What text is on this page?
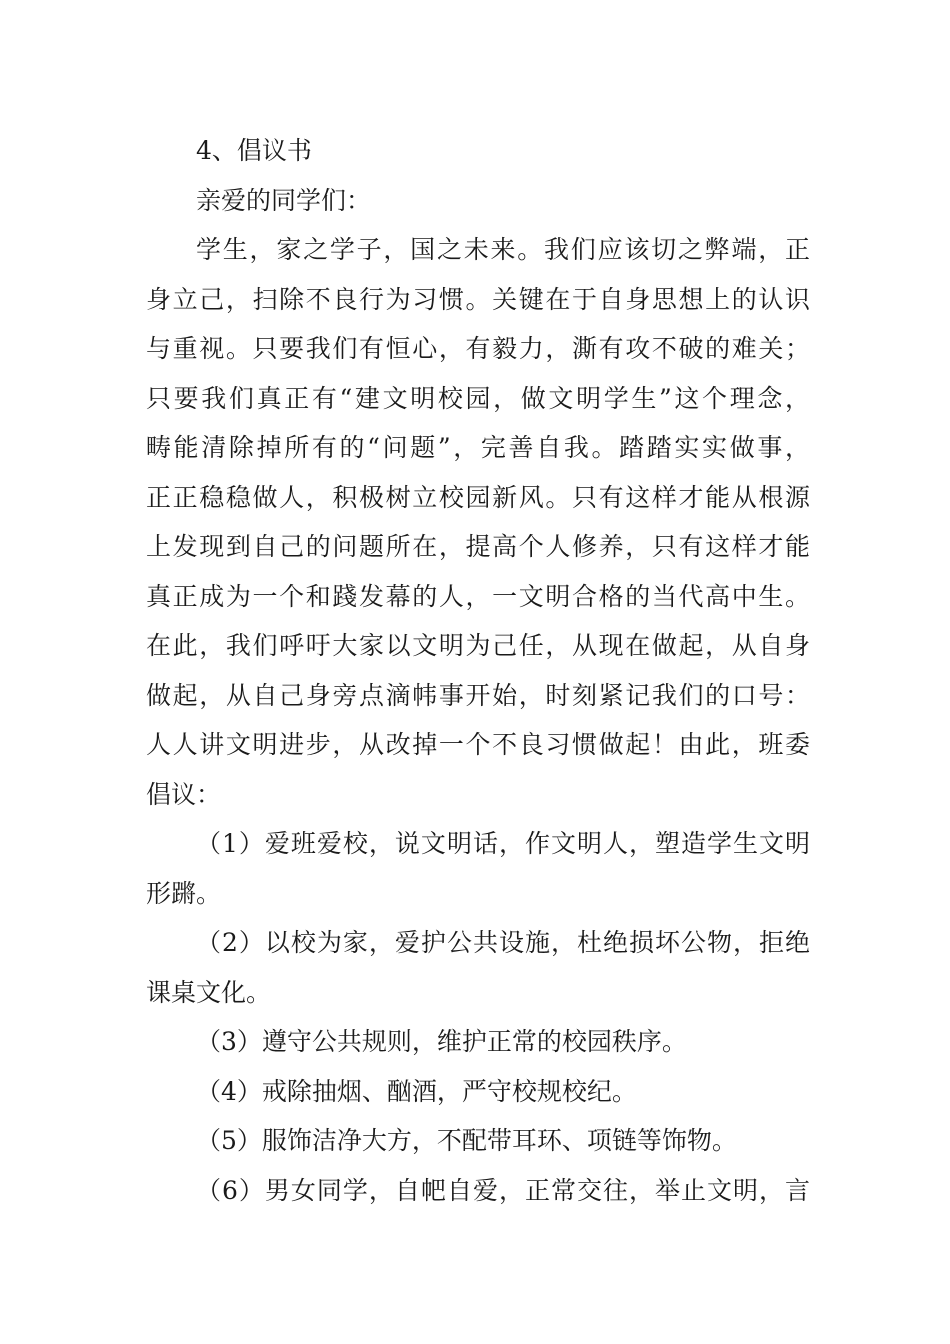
4、倡议书
亲爱的同学们：
学生，家之学子，国之未来。我们应该切之弊端，正
身立己，扫除不良行为习惯。关键在于自身思想上的认识
与重视。只要我们有恒心，有毅力，澌有攻不破的难关；
只要我们真正有“建文明校园，做文明学生”这个理念，
畴能清除掉所有的“问题”，完善自我。踏踏实实做事，
正正稳稳做人，积极树立校园新风。只有这样才能从根源
上发现到自己的问题所在，提高个人修养，只有这样才能
真正成为一个和踐发幕的人，一文明合格的当代高中生。
在此，我们呼吁大家以文明为己任，从现在做起，从自身
做起，从自己身旁点滴帏事开始，时刻紧记我们的口号：
人人讲文明进步，从改掉一个不良习惯做起！由此，班委
倡议：
（1）爱班爱校，说文明话，作文明人，塑造学生文明
形蹡。
（2）以校为家，爱护公共设施，杜绝损坏公物，拒绝
课桌文化。
（3）遵守公共规则，维护正常的校园秩序。
（4）戒除抽烟、酗酒，严守校规校纪。
（5）服饰洁净大方，不配带耳环、项链等饰物。
（6）男女同学，自帊自爱，正常交往，举止文明，言
